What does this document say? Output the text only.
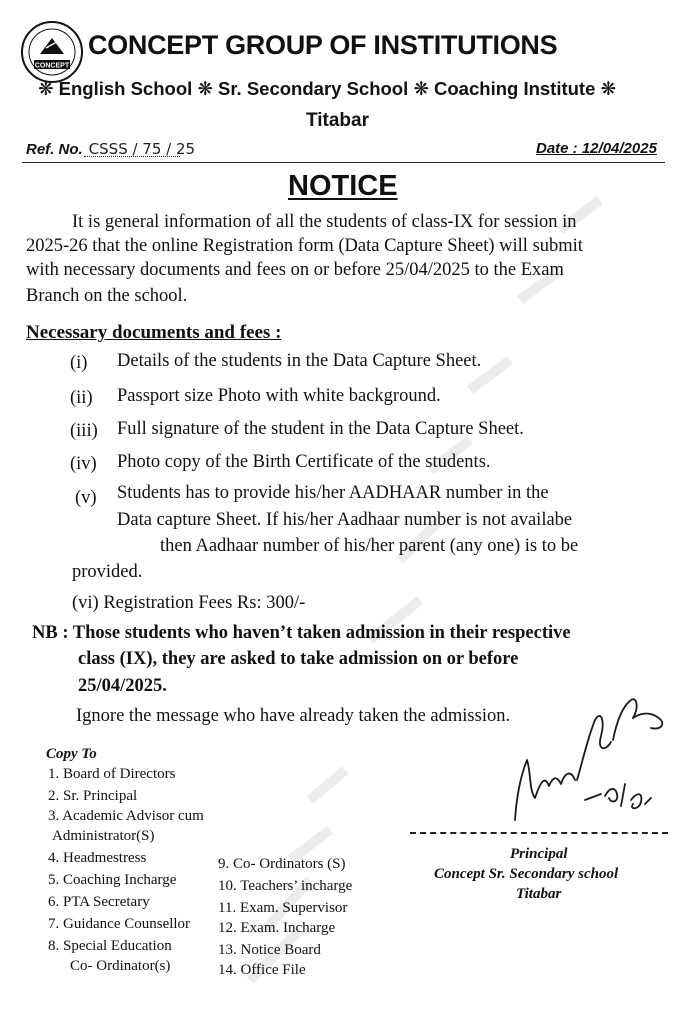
CONCEPT
CONCEPT GROUP OF INSTITUTIONS
❋ English School ❋ Sr. Secondary School ❋ Coaching Institute ❋
Titabar
Ref. No. CSSS / 75 / 25	Date : 12/04/2025
NOTICE
It is general information of all the students of class-IX for session in
2025-26 that the online Registration form (Data Capture Sheet) will submit
with necessary documents and fees on or before 25/04/2025 to the Exam
Branch on the school.
Necessary documents and fees :
(i) Details of the students in the Data Capture Sheet.
(ii) Passport size Photo with white background.
(iii) Full signature of the student in the Data Capture Sheet.
(iv) Photo copy of the Birth Certificate of the students.
(v) Students has to provide his/her AADHAAR number in the
Data capture Sheet. If his/her Aadhaar number is not availabe
then Aadhaar number of his/her parent (any one) is to be
provided.
(vi) Registration Fees Rs: 300/-
NB : Those students who haven’t taken admission in their respective
class (IX), they are asked to take admission on or before
25/04/2025.
Ignore the message who have already taken the admission.
Copy To
1. Board of Directors
2. Sr. Principal
3. Academic Advisor cum
Administrator(S)
4. Headmestress
5. Coaching Incharge
6. PTA Secretary
7. Guidance Counsellor
8. Special Education
Co- Ordinator(s)
9. Co- Ordinators (S)
10. Teachers’ incharge
11. Exam. Supervisor
12. Exam. Incharge
13. Notice Board
14. Office File
Principal
Concept Sr. Secondary school
Titabar
